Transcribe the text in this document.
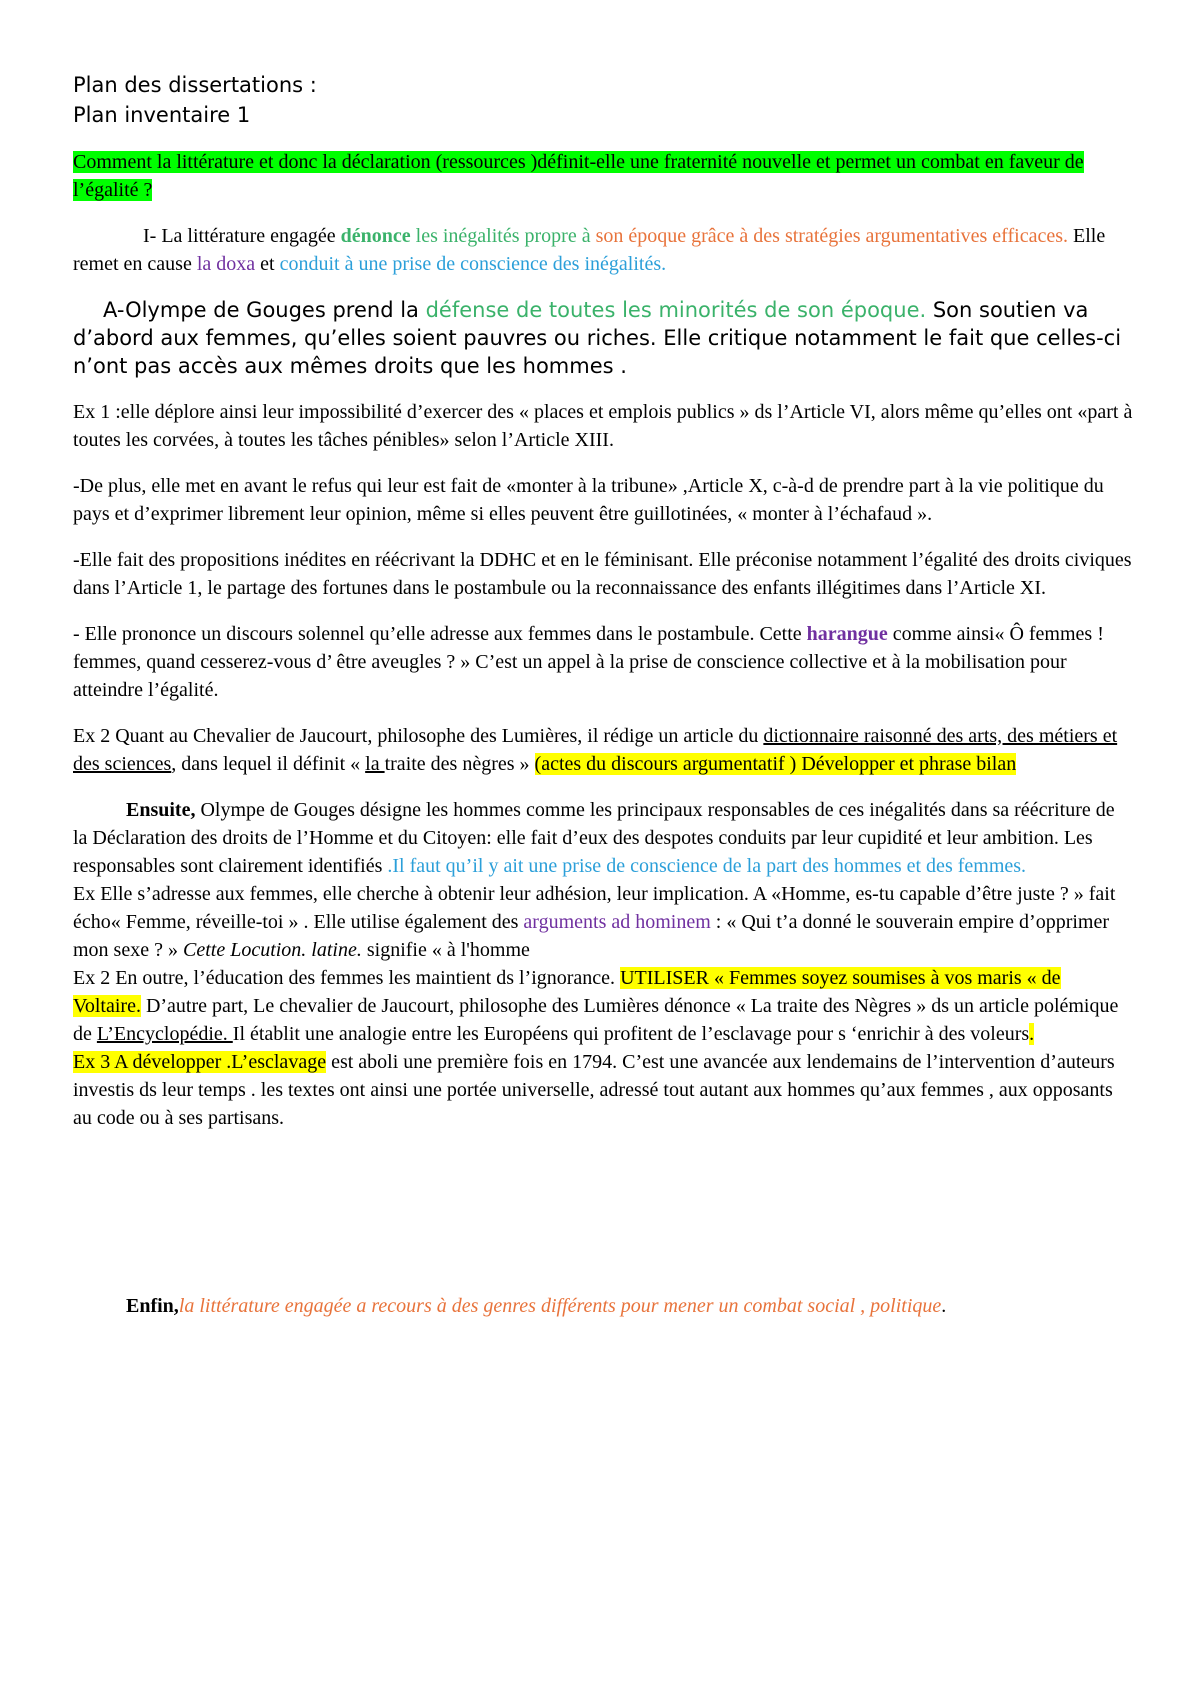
Plan des dissertations :
Plan inventaire 1

Comment la littérature et donc la déclaration (ressources )définit-elle une fraternité nouvelle et permet un combat en faveur de l’égalité ?

I- La littérature engagée dénonce les inégalités propre à son époque grâce à des stratégies argumentatives efficaces. Elle remet en cause la doxa et conduit à une prise de conscience des inégalités.

A-Olympe de Gouges prend la défense de toutes les minorités de son époque. Son soutien va d’abord aux femmes, qu’elles soient pauvres ou riches. Elle critique notamment le fait que celles-ci n’ont pas accès aux mêmes droits que les hommes .

Ex 1 :elle déplore ainsi leur impossibilité d’exercer des « places et emplois publics » ds l’Article VI, alors même qu’elles ont «part à toutes les corvées, à toutes les tâches pénibles» selon l’Article XIII.

-De plus, elle met en avant le refus qui leur est fait de «monter à la tribune» ,Article X, c-à-d de prendre part à la vie politique du pays et d’exprimer librement leur opinion, même si elles peuvent être guillotinées, « monter à l’échafaud ».

-Elle fait des propositions inédites en réécrivant la DDHC et en le féminisant. Elle préconise notamment l’égalité des droits civiques dans l’Article 1, le partage des fortunes dans le postambule ou la reconnaissance des enfants illégitimes dans l’Article XI.

- Elle prononce un discours solennel qu’elle adresse aux femmes dans le postambule. Cette harangue comme ainsi« Ô femmes ! femmes, quand cesserez-vous d’ être aveugles ? » C’est un appel à la prise de conscience collective et à la mobilisation pour atteindre l’égalité.

Ex 2 Quant au Chevalier de Jaucourt, philosophe des Lumières, il rédige un article du dictionnaire raisonné des arts, des métiers et des sciences, dans lequel il définit « la traite des nègres » (actes du discours argumentatif ) Développer et phrase bilan

Ensuite, Olympe de Gouges désigne les hommes comme les principaux responsables de ces inégalités dans sa réécriture de la Déclaration des droits de l’Homme et du Citoyen: elle fait d’eux des despotes conduits par leur cupidité et leur ambition. Les responsables sont clairement identifiés .Il faut qu’il y ait une prise de conscience de la part des hommes et des femmes.

Ex Elle s’adresse aux femmes, elle cherche à obtenir leur adhésion, leur implication. A «Homme, es-tu capable d’être juste ? » fait écho« Femme, réveille-toi » . Elle utilise également des arguments ad hominem : « Qui t’a donné le souverain empire d’opprimer mon sexe ? » Cette Locution. latine. signifie « à l'homme

Ex 2 En outre, l’éducation des femmes les maintient ds l’ignorance. UTILISER « Femmes soyez soumises à vos maris « de Voltaire. D’autre part, Le chevalier de Jaucourt, philosophe des Lumières dénonce « La traite des Nègres » ds un article polémique de L’Encyclopédie. Il établit une analogie entre les Européens qui profitent de l’esclavage pour s ‘enrichir à des voleurs.

Ex 3 A développer .L’esclavage est aboli une première fois en 1794. C’est une avancée aux lendemains de l’intervention d’auteurs investis ds leur temps . les textes ont ainsi une portée universelle, adressé tout autant aux hommes qu’aux femmes , aux opposants au code ou à ses partisans.

Enfin,la littérature engagée a recours à des genres différents pour mener un combat social , politique.
